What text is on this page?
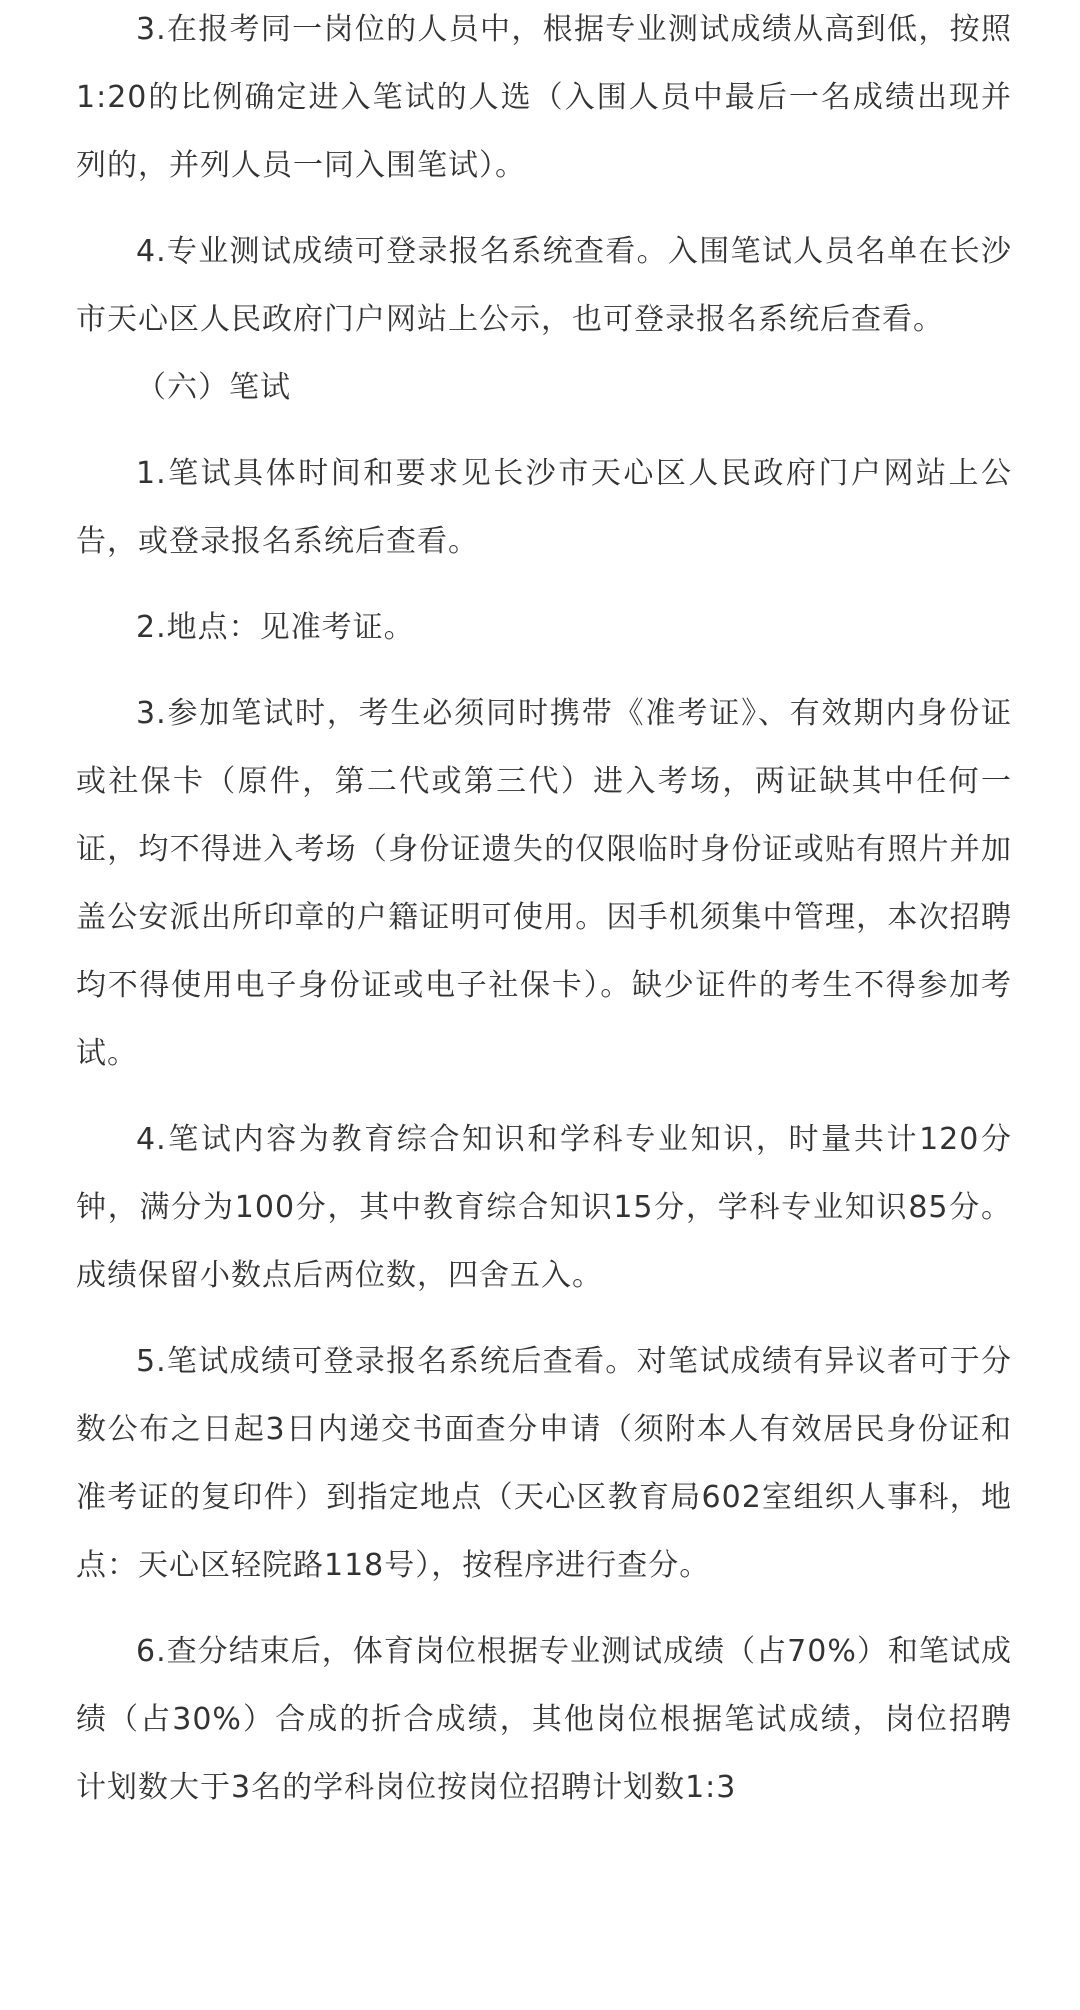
3.在报考同一岗位的人员中，根据专业测试成绩从高到低，按照1:20的比例确定进入笔试的人选（入围人员中最后一名成绩出现并列的，并列人员一同入围笔试）。

4.专业测试成绩可登录报名系统查看。入围笔试人员名单在长沙市天心区人民政府门户网站上公示，也可登录报名系统后查看。

（六）笔试

1.笔试具体时间和要求见长沙市天心区人民政府门户网站上公告，或登录报名系统后查看。

2.地点：见准考证。

3.参加笔试时，考生必须同时携带《准考证》、有效期内身份证或社保卡（原件，第二代或第三代）进入考场，两证缺其中任何一证，均不得进入考场（身份证遗失的仅限临时身份证或贴有照片并加盖公安派出所印章的户籍证明可使用。因手机须集中管理，本次招聘均不得使用电子身份证或电子社保卡）。缺少证件的考生不得参加考试。

4.笔试内容为教育综合知识和学科专业知识，时量共计120分钟，满分为100分，其中教育综合知识15分，学科专业知识85分。成绩保留小数点后两位数，四舍五入。

5.笔试成绩可登录报名系统后查看。对笔试成绩有异议者可于分数公布之日起3日内递交书面查分申请（须附本人有效居民身份证和准考证的复印件）到指定地点（天心区教育局602室组织人事科，地点：天心区轻院路118号），按程序进行查分。

6.查分结束后，体育岗位根据专业测试成绩（占70%）和笔试成绩（占30%）合成的折合成绩，其他岗位根据笔试成绩，岗位招聘计划数大于3名的学科岗位按岗位招聘计划数1:3
